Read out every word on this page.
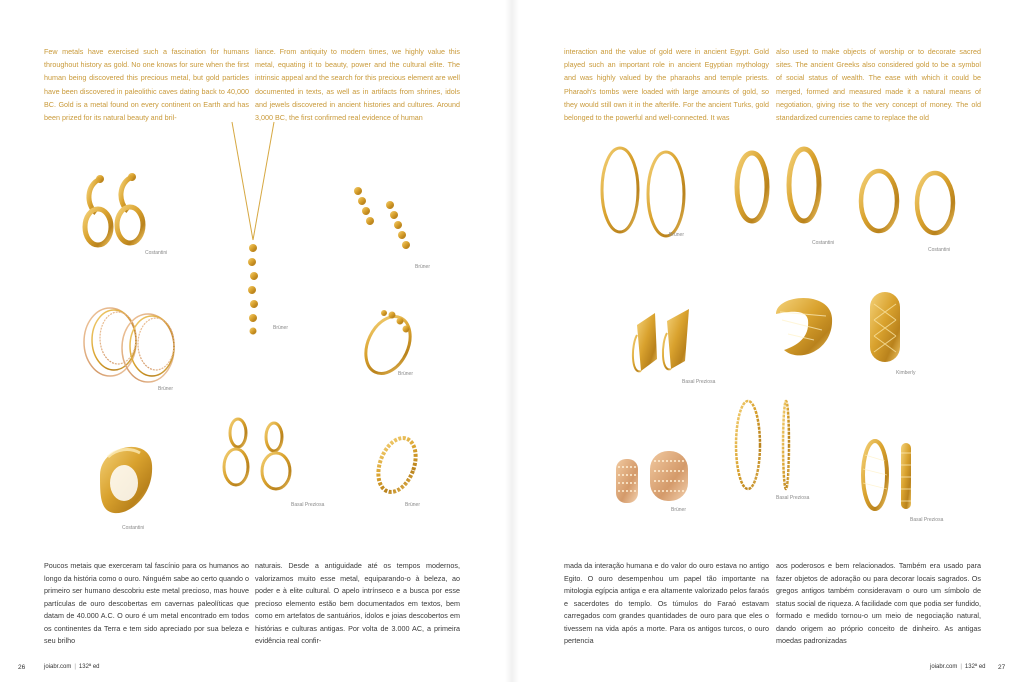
Few metals have exercised such a fascination for humans throughout history as gold. No one knows for sure when the first human being discovered this precious metal, but gold particles have been discovered in paleolithic caves dating back to 40,000 BC. Gold is a metal found on every continent on Earth and has been prized for its natural beauty and bril-
liance. From antiquity to modern times, we highly value this metal, equating it to beauty, power and the cultural elite. The intrinsic appeal and the search for this precious element are well documented in texts, as well as in artifacts from shrines, idols and jewels discovered in ancient histories and cultures. Around 3,000 BC, the first confirmed real evidence of human
Costantini
Brüner
Brüner
Brüner
Brüner
Costantini
Basal Preziosa	Brüner
Poucos metais que exerceram tal fascínio para os humanos ao longo da história como o ouro. Ninguém sabe ao certo quando o primeiro ser humano descobriu este metal precioso, mas houve partículas de ouro descobertas em cavernas paleolíticas que datam de 40.000 A.C. O ouro é um metal encontrado em todos os continentes da Terra e tem sido apreciado por sua beleza e seu brilho
naturais. Desde a antiguidade até os tempos modernos, valorizamos muito esse metal, equiparando-o à beleza, ao poder e à elite cultural. O apelo intrínseco e a busca por esse precioso elemento estão bem documentados em textos, bem como em artefatos de santuários, ídolos e joias descobertos em histórias e culturas antigas. Por volta de 3.000 AC, a primeira evidência real confir-
26	joiabr.com | 132ª ed
interaction and the value of gold were in ancient Egypt. Gold played such an important role in ancient Egyptian mythology and was highly valued by the pharaohs and temple priests. Pharaoh's tombs were loaded with large amounts of gold, so they would still own it in the afterlife. For the ancient Turks, gold belonged to the powerful and well-connected. It was
also used to make objects of worship or to decorate sacred sites. The ancient Greeks also considered gold to be a symbol of social status of wealth. The ease with which it could be merged, formed and measured made it a natural means of negotiation, giving rise to the very concept of money. The old standardized currencies came to replace the old
Brüner
Costantini
Costantini
Basal Preziosa
Kimberly
Brüner
Basal Preziosa
Basal Preziosa
mada da interação humana e do valor do ouro estava no antigo Egito. O ouro desempenhou um papel tão importante na mitologia egípcia antiga e era altamente valorizado pelos faraós e sacerdotes do templo. Os túmulos do Faraó estavam carregados com grandes quantidades de ouro para que eles o tivessem na vida após a morte. Para os antigos turcos, o ouro pertencia
aos poderosos e bem relacionados. Também era usado para fazer objetos de adoração ou para decorar locais sagrados. Os gregos antigos também consideravam o ouro um símbolo de status social de riqueza. A facilidade com que podia ser fundido, formado e medido tornou-o um meio de negociação natural, dando origem ao próprio conceito de dinheiro. As antigas moedas padronizadas
joiabr.com | 132ª ed 27
